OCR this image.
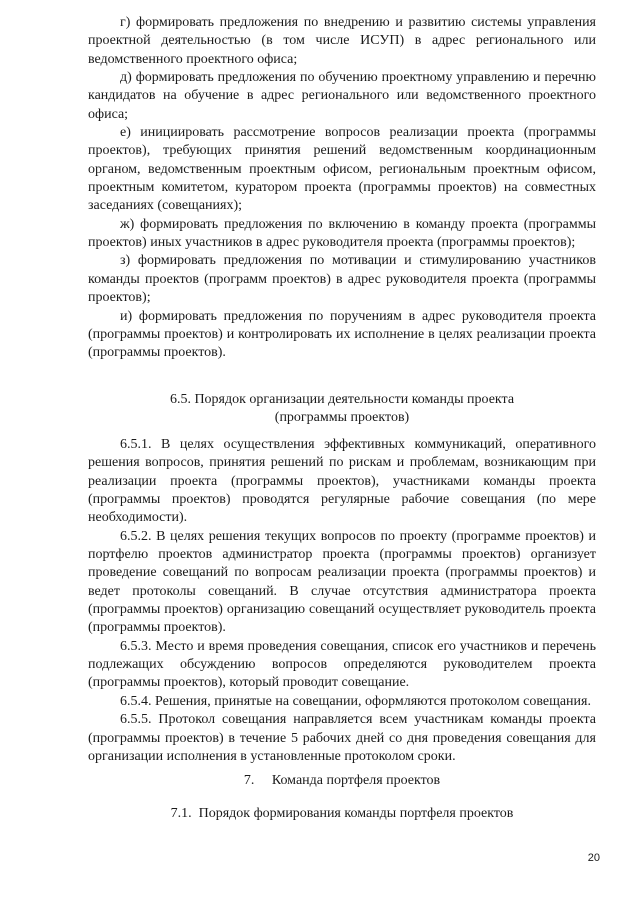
г) формировать предложения по внедрению и развитию системы управления проектной деятельностью (в том числе ИСУП) в адрес регионального или ведомственного проектного офиса;

д) формировать предложения по обучению проектному управлению и перечню кандидатов на обучение в адрес регионального или ведомственного проектного офиса;

е) инициировать рассмотрение вопросов реализации проекта (программы проектов), требующих принятия решений ведомственным координационным органом, ведомственным проектным офисом, региональным проектным офисом, проектным комитетом, куратором проекта (программы проектов) на совместных заседаниях (совещаниях);

ж) формировать предложения по включению в команду проекта (программы проектов) иных участников в адрес руководителя проекта (программы проектов);

з) формировать предложения по мотивации и стимулированию участников команды проектов (программ проектов) в адрес руководителя проекта (программы проектов);

и) формировать предложения по поручениям в адрес руководителя проекта (программы проектов) и контролировать их исполнение в целях реализации проекта (программы проектов).

6.5. Порядок организации деятельности команды проекта

(программы проектов)

6.5.1. В целях осуществления эффективных коммуникаций, оперативного решения вопросов, принятия решений по рискам и проблемам, возникающим при реализации проекта (программы проектов), участниками команды проекта (программы проектов) проводятся регулярные рабочие совещания (по мере необходимости).

6.5.2. В целях решения текущих вопросов по проекту (программе проектов) и портфелю проектов администратор проекта (программы проектов) организует проведение совещаний по вопросам реализации проекта (программы проектов) и ведет протоколы совещаний. В случае отсутствия администратора проекта (программы проектов) организацию совещаний осуществляет руководитель проекта (программы проектов).

6.5.3. Место и время проведения совещания, список его участников и перечень подлежащих обсуждению вопросов определяются руководителем проекта (программы проектов), который проводит совещание.

6.5.4. Решения, принятые на совещании, оформляются протоколом совещания.

6.5.5. Протокол совещания направляется всем участникам команды проекта (программы проектов) в течение 5 рабочих дней со дня проведения совещания для организации исполнения в установленные протоколом сроки.

7.     Команда портфеля проектов

7.1.  Порядок формирования команды портфеля проектов

20
